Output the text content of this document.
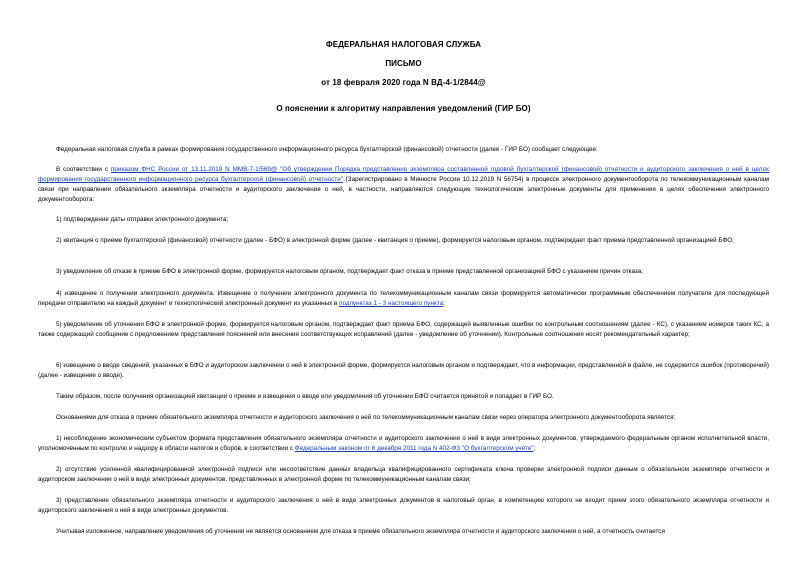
ФЕДЕРАЛЬНАЯ НАЛОГОВАЯ СЛУЖБА
ПИСЬМО
от 18 февраля 2020 года N ВД-4-1/2844@
О пояснении к алгоритму направления уведомлений (ГИР БО)

Федеральная налоговая служба в рамках формирования государственного информационного ресурса бухгалтерской (финансовой) отчетности (далее - ГИР БО) сообщает следующее.

В соответствии с приказом ФНС России от 13.11.2019 N ММВ-7-1/569@ "Об утверждении Порядка представления экземпляра составленной годовой бухгалтерской (финансовой) отчетности и аудиторского заключения о ней в целях формирования государственного информационного ресурса бухгалтерской (финансовой) отчетности" (Зарегистрировано в Минюсте России 10.12.2019 N 56754) в процессе электронного документооборота по телекоммуникационным каналам связи при направлении обязательного экземпляра отчетности и аудиторского заключения о ней, в частности, направляются следующие технологические электронные документы для применения в целях обеспечения электронного документооборота:

1) подтверждение даты отправки электронного документа;

2) квитанция о приеме бухгалтерской (финансовой) отчетности (далее - БФО) в электронной форме (далее - квитанция о приеме), формируется налоговым органом, подтверждает факт приема представленной организацией БФО;

3) уведомление об отказе в приеме БФО в электронной форме, формируется налоговым органом, подтверждает факт отказа в приеме представленной организацией БФО с указанием причин отказа;

4) извещение о получении электронного документа. Извещение о получении электронного документа по телекоммуникационным каналам связи формируется автоматически программным обеспечением получателя для последующей передачи отправителю на каждый документ и технологический электронный документ из указанных в подпунктах 1 - 3 настоящего пункта;

5) уведомление об уточнении БФО в электронной форме, формируется налоговым органом, подтверждает факт приема БФО, содержащей выявленные ошибки по контрольным соотношениям (далее - КС), с указанием номеров таких КС, а также содержащий сообщение с предложением представления пояснений или внесения соответствующих исправлений (далее - уведомление об уточнении). Контрольные соотношения носят рекомендательный характер;

6) извещение о вводе сведений, указанных в БФО и аудиторском заключении о ней в электронной форме, формируется налоговым органом и подтверждает, что в информации, представленной в файле, не содержится ошибок (противоречий) (далее - извещение о вводе).

Таким образом, после получения организацией квитанции о приеме и извещения о вводе или уведомления об уточнении БФО считается принятой и попадает в ГИР БО.

Основаниями для отказа в приеме обязательного экземпляра отчетности и аудиторского заключения о ней по телекоммуникационным каналам связи через оператора электронного документооборота является:

1) несоблюдение экономическим субъектом формата представления обязательного экземпляра отчетности и аудиторского заключения о ней в виде электронных документов, утверждаемого федеральным органом исполнительной власти, уполномоченным по контролю и надзору в области налогов и сборов, в соответствии с Федеральным законом от 6 декабря 2011 года N 402-ФЗ "О бухгалтерском учете";

2) отсутствие усиленной квалифицированной электронной подписи или несоответствие данных владельца квалифицированного сертификата ключа проверки электронной подписи данным о обязательном экземпляре отчетности и аудиторском заключении о ней в виде электронных документов, представленных в электронной форме по телекоммуникационным каналам связи;

3) представление обязательного экземпляра отчетности и аудиторского заключения о ней в виде электронных документов в налоговый орган, в компетенцию которого не входит прием этого обязательного экземпляра отчетности и аудиторского заключения о ней в виде электронных документов.

Учитывая изложенное, направление уведомления об уточнении не является основанием для отказа в приеме обязательного экземпляра отчетности и аудиторского заключения о ней, а отчетность считается
